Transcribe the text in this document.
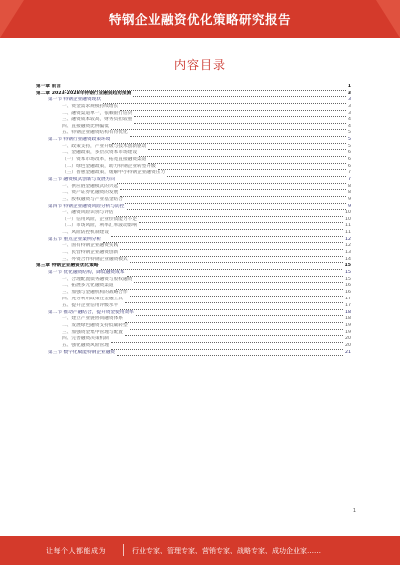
特钢企业融资优化策略研究报告
内容目录
第一章 前言	1
第二章 2023-2028年特钢行业融资趋势预测	3
第一节 特钢企业融资现状	3
一、资金需求规模持续增长	3
二、融资渠道单一，依赖银行信贷	3
三、融资成本较高，财务负担较重	4
四、直接融资比例偏低	4
五、特钢企业融资结构有待优化	5
第二节 特钢行业融资政策环境	5
一、政策支持，产业升级与技术创新驱动	5
二、金融政策，多层次资本市场建设	6
（一）资本市场改革，拓宽直接融资渠道	6
（二）绿色金融政策，助力特钢企业转型升级	6
（三）普惠金融政策，缓解中小特钢企业融资压力	7
第三节 融资模式创新与发展方向	7
一、供应链金融模式的兴起	8
二、资产证券化融资的发展	8
三、股权融资与产业基金结合	9
第四节 特钢企业融资风险分析与防控	9
一、融资风险识别与评估	10
（一）信用风险，企业偿债能力不足	10
（二）市场风险，利率汇率波动影响	11
二、风险防控机制建设	11
第五节 重点企业案例分析	12
一、国有特钢企业融资实践	12
二、民营特钢企业融资创新	13
三、外资合作特钢企业融资模式	14
第三章 特钢企业融资优化策略	15
第一节 优化融资结构，降低融资成本	15
一、合理配置债务融资与股权融资	15
二、拓展多元化融资渠道	16
三、加强与金融机构的战略合作	16
四、充分利用政策性金融工具	17
五、提升企业信用评级水平	17
第二节 推动产融结合，提升资金使用效率	18
一、建立产业链协同融资体系	18
二、发展绿色融资支持低碳转型	19
三、加强资金集中管理与配置	19
四、完善融资决策机制	20
五、强化融资风险管理	20
第三节 数字化赋能特钢企业融资	21
1
让每个人都能成为	行业专家、管理专家、营销专家、战略专家、成功企业家……
